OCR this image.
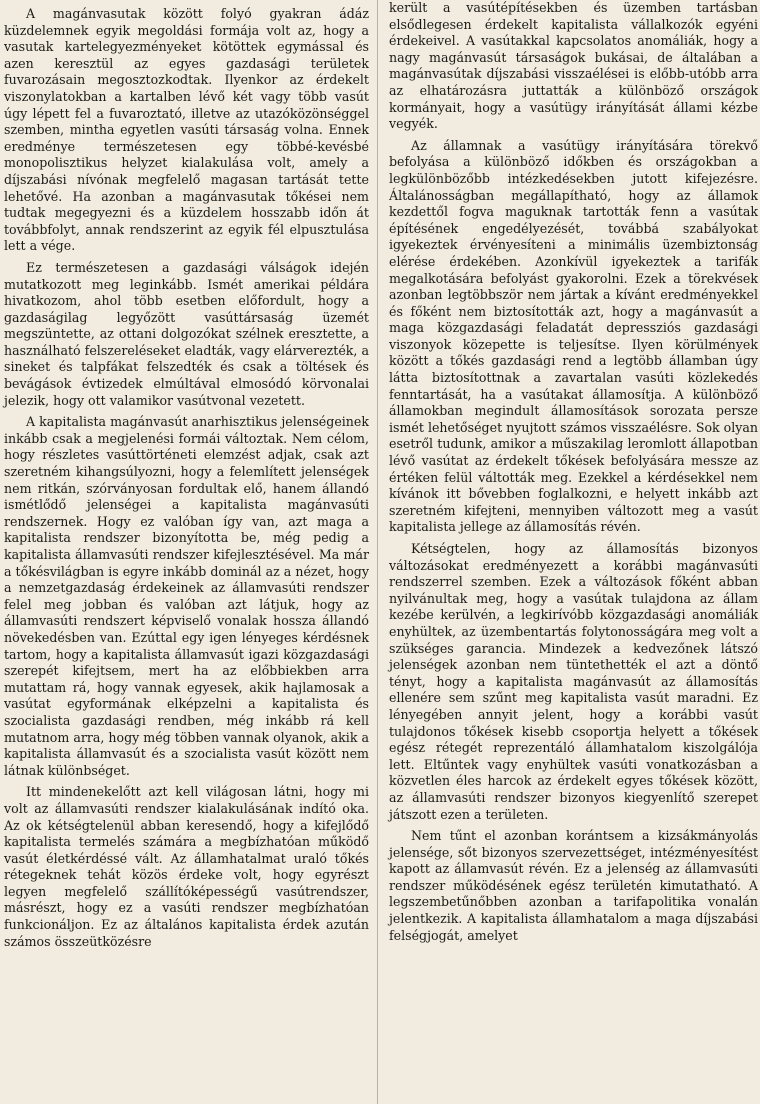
A magánvasutak között folyó gyakran ádáz küzdelemnek egyik megoldási formája volt az, hogy a vasutak kartelegyezményeket kötöttek egymással és azen keresztül az egyes gazdasági területek fuvarozásain megosztozkodtak. Ilyenkor az érdekelt viszonylatokban a kartalben lévő két vagy több vasút úgy lépett fel a fuvaroztató, illetve az utazóközönséggel szemben, mintha egyetlen vasúti társaság volna. Ennek eredménye természetesen egy többé-kevésbé monopolisztikus helyzet kialakulása volt, amely a díjszabási nívónak megfelelő magasan tartását tette lehetővé. Ha azonban a magánvasutak tőkései nem tudtak megegyezni és a küzdelem hosszabb időn át továbbfolyt, annak rendszerint az egyik fél elpusztulása lett a vége.

Ez természetesen a gazdasági válságok idején mutatkozott meg leginkább. Ismét amerikai példára hivatkozom, ahol több esetben előfordult, hogy a gazdaságilag legyőzött vasúttársaság üzemét megszüntette, az ottani dolgozókat szélnek eresztette, a használható felszereléseket eladták, vagy elárverezték, a sineket és talpfákat felszedték és csak a töltések és bevágások évtizedek elmúltával elmosódó körvonalai jelezik, hogy ott valamikor vasútvonal vezetett.

A kapitalista magánvasút anarhisztikus jelenségeinek inkább csak a megjelenési formái változtak. Nem célom, hogy részletes vasúttörténeti elemzést adjak, csak azt szeretném kihangsúlyozni, hogy a felemlített jelenségek nem ritkán, szórványosan fordultak elő, hanem állandó ismétlődő jelenségei a kapitalista magánvasúti rendszernek. Hogy ez valóban így van, azt maga a kapitalista rendszer bizonyította be, még pedig a kapitalista államvasúti rendszer kifejlesztésével. Ma már a tőkésvilágban is egyre inkább dominál az a nézet, hogy a nemzetgazdaság érdekeinek az államvasúti rendszer felel meg jobban és valóban azt látjuk, hogy az államvasúti rendszert képviselő vonalak hossza állandó növekedésben van. Ezúttal egy igen lényeges kérdésnek tartom, hogy a kapitalista államvasút igazi közgazdasági szerepét kifejtsem, mert ha az előbbiekben arra mutattam rá, hogy vannak egyesek, akik hajlamosak a vasútat egyformának elképzelni a kapitalista és szocialista gazdasági rendben, még inkább rá kell mutatnom arra, hogy még többen vannak olyanok, akik a kapitalista államvasút és a szocialista vasút között nem látnak különbséget.

Itt mindenekelőtt azt kell világosan látni, hogy mi volt az államvasúti rendszer kialakulásának indító oka. Az ok kétségtelenül abban keresendő, hogy a kifejlődő kapitalista termelés számára a megbízhatóan működő vasút életkérdéssé vált. Az államhatalmat uraló tőkés rétegeknek tehát közös érdeke volt, hogy egyrészt legyen megfelelő szállítóképességű vasútrendszer, másrészt, hogy ez a vasúti rendszer megbízhatóan funkcionáljon. Ez az általános kapitalista érdek azután számos összeütközésre

került a vasútépítésekben és üzemben tartásban elsődlegesen érdekelt kapitalista vállalkozók egyéni érdekeivel. A vasútakkal kapcsolatos anomáliák, hogy a nagy magánvasút társaságok bukásai, de általában a magánvasútak díjszabási visszaélései is előbb-utóbb arra az elhatározásra juttatták a különböző országok kormányait, hogy a vasútügy irányítását állami kézbe vegyék.

Az államnak a vasútügy irányítására törekvő befolyása a különböző időkben és országokban a legkülönbözőbb intézkedésekben jutott kifejezésre. Általánosságban megállapítható, hogy az államok kezdettől fogva maguknak tartották fenn a vasútak építésének engedélyezését, továbbá szabályokat igyekeztek érvényesíteni a minimális üzembiztonság elérése érdekében. Azonkívül igyekeztek a tarifák megalkotására befolyást gyakorolni. Ezek a törekvések azonban legtöbbször nem jártak a kívánt eredményekkel és főként nem biztosították azt, hogy a magánvasút a maga közgazdasági feladatát depressziós gazdasági viszonyok közepette is teljesítse. Ilyen körülmények között a tőkés gazdasági rend a legtöbb államban úgy látta biztosítottnak a zavartalan vasúti közlekedés fenntartását, ha a vasútakat államosítja. A különböző államokban megindult államosítások sorozata persze ismét lehetőséget nyujtott számos visszaélésre. Sok olyan esetről tudunk, amikor a műszakilag leromlott állapotban lévő vasútat az érdekelt tőkések befolyására messze az értéken felül váltották meg. Ezekkel a kérdésekkel nem kívánok itt bővebben foglalkozni, e helyett inkább azt szeretném kifejteni, mennyiben változott meg a vasút kapitalista jellege az államosítás révén.

Kétségtelen, hogy az államosítás bizonyos változásokat eredményezett a korábbi magánvasúti rendszerrel szemben. Ezek a változások főként abban nyilvánultak meg, hogy a vasútak tulajdona az állam kezébe kerülvén, a legkirívóbb közgazdasági anomáliák enyhültek, az üzembentartás folytonosságára meg volt a szükséges garancia. Mindezek a kedvezőnek látszó jelenségek azonban nem tüntethették el azt a döntő tényt, hogy a kapitalista magánvasút az államosítás ellenére sem szűnt meg kapitalista vasút maradni. Ez lényegében annyit jelent, hogy a korábbi vasút tulajdonos tőkések kisebb csoportja helyett a tőkések egész rétegét reprezentáló államhatalom kiszolgálója lett. Eltűntek vagy enyhültek vasúti vonatkozásban a közvetlen éles harcok az érdekelt egyes tőkések között, az államvasúti rendszer bizonyos kiegyenlítő szerepet játszott ezen a területen.

Nem tűnt el azonban korántsem a kizsákmányolás jelensége, sőt bizonyos szervezettséget, intézményesítést kapott az államvasút révén. Ez a jelenség az államvasúti rendszer működésének egész területén kimutatható. A legszembetűnőbben azonban a tarifapolitika vonalán jelentkezik. A kapitalista államhatalom a maga díjszabási felségjogát, amelyet
